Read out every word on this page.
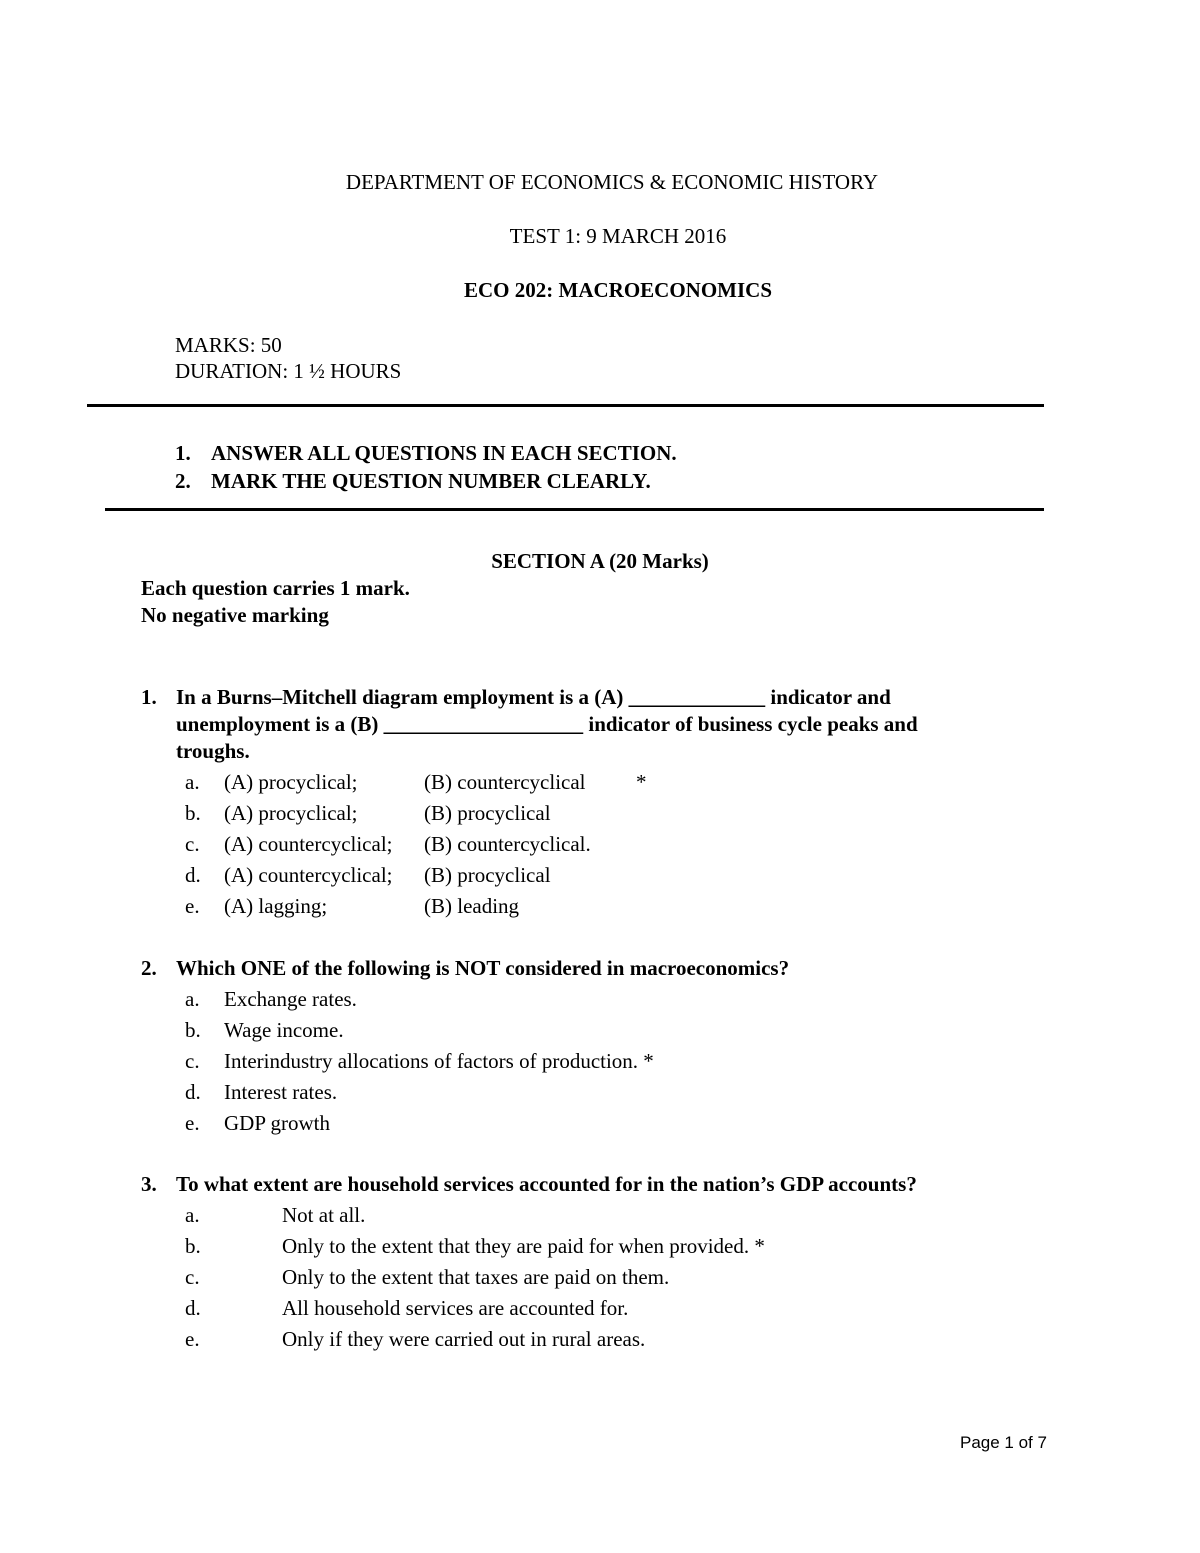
DEPARTMENT OF ECONOMICS & ECONOMIC HISTORY
TEST 1: 9 MARCH 2016
ECO 202: MACROECONOMICS
MARKS: 50
DURATION: 1 ½ HOURS
1. ANSWER ALL QUESTIONS IN EACH SECTION.
2. MARK THE QUESTION NUMBER CLEARLY.
SECTION A (20 Marks)
Each question carries 1 mark.
No negative marking
1. In a Burns–Mitchell diagram employment is a (A) _____________ indicator and
unemployment is a (B) ___________________ indicator of business cycle peaks and
troughs.
a. (A) procyclical;	(B) countercyclical *
b. (A) procyclical;	(B) procyclical
c. (A) countercyclical; (B) countercyclical.
d. (A) countercyclical; (B) procyclical
e. (A) lagging;	(B) leading
2. Which ONE of the following is NOT considered in macroeconomics?
a. Exchange rates.
b. Wage income.
c. Interindustry allocations of factors of production. *
d. Interest rates.
e. GDP growth
3. To what extent are household services accounted for in the nation’s GDP accounts?
a.	Not at all.
b.	Only to the extent that they are paid for when provided. *
c.	Only to the extent that taxes are paid on them.
d.	All household services are accounted for.
e.	Only if they were carried out in rural areas.
Page 1 of 7
